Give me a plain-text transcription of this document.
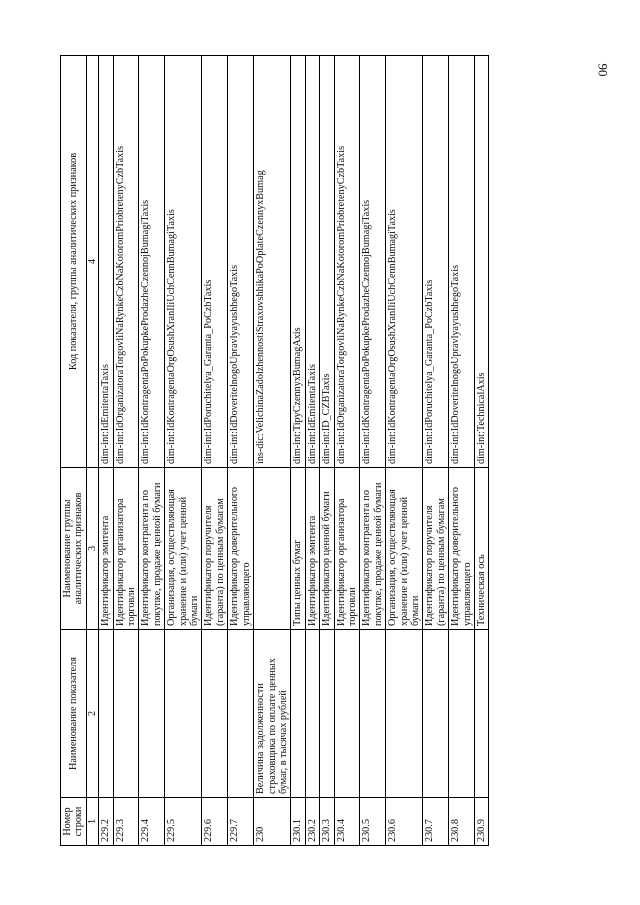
90
Номер строки	Наименование показателя	Наименование группы аналитических признаков	Код показателя, группы аналитических признаков
1	2	3	4
229.2		Идентификатор эмитента	dim-int:IdEmitentaTaxis
229.3		Идентификатор организатора торговли	dim-int:IdOrganizatoraTorgovliNaRynkeCzbNaKotoromPriobretenyCzbTaxis
229.4		Идентификатор контрагента по покупке, продаже ценной бумаги	dim-int:IdKontragentaPoPokupkeProdazheCzennojBumagiTaxis
229.5		Организация, осуществляющая хранение и (или) учет ценной бумаги	dim-int:IdKontragentaOrgOsushXranIliUchCennBumagiTaxis
229.6		Идентификатор поручителя (гаранта) по ценным бумагам	dim-int:IdPoruchitelya_Garanta_PoCzbTaxis
229.7		Идентификатор доверительного управляющего	dim-int:IdDoveritelnogoUpravlyayushhegoTaxis
230	Величина задолженности страховщика по оплате ценных бумаг, в тысячах рублей		ins-dic:VelichinaZadolzhennostiStraxovshhikaPoOplateCzennyxBumag
230.1		Типы ценных бумаг	dim-int:TipyCzennyxBumagAxis
230.2		Идентификатор эмитента	dim-int:IdEmitentaTaxis
230.3		Идентификатор ценной бумаги	dim-int:ID_CZBTaxis
230.4		Идентификатор организатора торговли	dim-int:IdOrganizatoraTorgovliNaRynkeCzbNaKotoromPriobretenyCzbTaxis
230.5		Идентификатор контрагента по покупке, продаже ценной бумаги	dim-int:IdKontragentaPoPokupkeProdazheCzennojBumagiTaxis
230.6		Организация, осуществляющая хранение и (или) учет ценной бумаги	dim-int:IdKontragentaOrgOsushXranIliUchCennBumagiTaxis
230.7		Идентификатор поручителя (гаранта) по ценным бумагам	dim-int:IdPoruchitelya_Garanta_PoCzbTaxis
230.8		Идентификатор доверительного управляющего	dim-int:IdDoveritelnogoUpravlyayushhegoTaxis
230.9		Техническая ось	dim-int:TechnicalAxis
